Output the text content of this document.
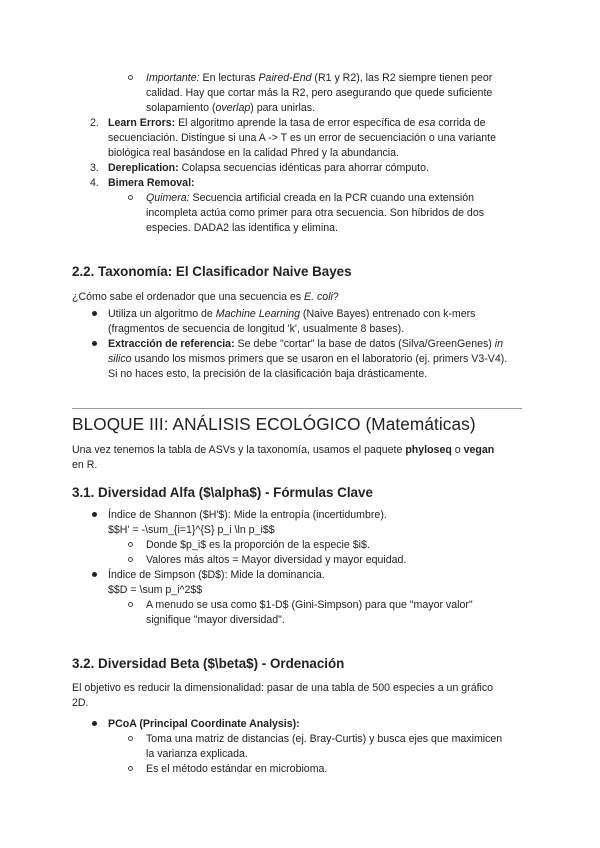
Importante: En lecturas Paired-End (R1 y R2), las R2 siempre tienen peor
calidad. Hay que cortar más la R2, pero asegurando que quede suficiente
solapamiento (overlap) para unirlas.
2. Learn Errors: El algoritmo aprende la tasa de error específica de esa corrida de
secuenciación. Distingue si una A -> T es un error de secuenciación o una variante
biológica real basándose en la calidad Phred y la abundancia.
3. Dereplication: Colapsa secuencias idénticas para ahorrar cómputo.
4. Bimera Removal:
Quimera: Secuencia artificial creada en la PCR cuando una extensión
incompleta actúa como primer para otra secuencia. Son híbridos de dos
especies. DADA2 las identifica y elimina.
2.2. Taxonomía: El Clasificador Naive Bayes
¿Cómo sabe el ordenador que una secuencia es E. coli?
Utiliza un algoritmo de Machine Learning (Naive Bayes) entrenado con k-mers
(fragmentos de secuencia de longitud 'k', usualmente 8 bases).
Extracción de referencia: Se debe "cortar" la base de datos (Silva/GreenGenes) in
silico usando los mismos primers que se usaron en el laboratorio (ej. primers V3-V4).
Si no haces esto, la precisión de la clasificación baja drásticamente.
BLOQUE III: ANÁLISIS ECOLÓGICO (Matemáticas)
Una vez tenemos la tabla de ASVs y la taxonomía, usamos el paquete phyloseq o vegan
en R.
3.1. Diversidad Alfa ($\alpha$) - Fórmulas Clave
Índice de Shannon ($H'$): Mide la entropía (incertidumbre).
$$H' = -\sum_{i=1}^{S} p_i \ln p_i$$
Donde $p_i$ es la proporción de la especie $i$.
Valores más altos = Mayor diversidad y mayor equidad.
Índice de Simpson ($D$): Mide la dominancia.
$$D = \sum p_i^2$$
A menudo se usa como $1-D$ (Gini-Simpson) para que "mayor valor"
signifique "mayor diversidad".
3.2. Diversidad Beta ($\beta$) - Ordenación
El objetivo es reducir la dimensionalidad: pasar de una tabla de 500 especies a un gráfico
2D.
PCoA (Principal Coordinate Analysis):
Toma una matriz de distancias (ej. Bray-Curtis) y busca ejes que maximicen
la varianza explicada.
Es el método estándar en microbioma.
